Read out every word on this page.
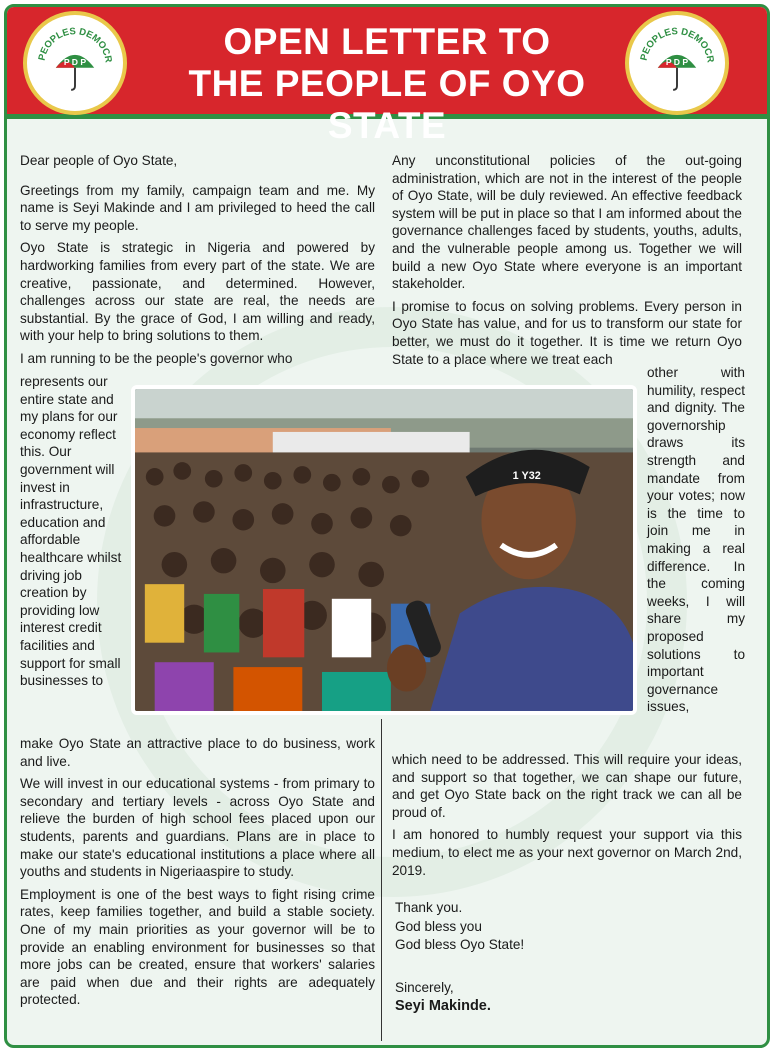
PEOPLES DEMOCR
P D P	OPEN LETTER TO
THE PEOPLE OF OYO STATE
PEOPLES DEMOCR
P D P

Dear people of Oyo State,

Greetings from my family, campaign team and me. My name is Seyi Makinde and I am privileged to heed the call to serve my people.

Oyo State is strategic in Nigeria and powered by hardworking families from every part of the state. We are creative, passionate, and determined. However, challenges across our state are real, the needs are substantial. By the grace of God, I am willing and ready, with your help to bring solutions to them.

I am running to be the people's governor who

represents our entire state and my plans for our economy reflect this. Our government will invest in infrastructure, education and affordable healthcare whilst driving job creation by providing low interest credit facilities and support for small businesses to

make Oyo State an attractive place to do business, work and live.

We will invest in our educational systems - from primary to secondary and tertiary levels - across Oyo State and relieve the burden of high school fees placed upon our students, parents and guardians. Plans are in place to make our state's educational institutions a place where all youths and students in Nigeriaaspire to study.

Employment is one of the best ways to fight rising crime rates, keep families together, and build a stable society. One of my main priorities as your governor will be to provide an enabling environment for businesses so that more jobs can be created, ensure that workers' salaries are paid when due and their rights are adequately protected.

Any unconstitutional policies of the out-going administration, which are not in the interest of the people of Oyo State, will be duly reviewed. An effective feedback system will be put in place so that I am informed about the governance challenges faced by students, youths, adults, and the vulnerable people among us. Together we will build a new Oyo State where everyone is an important stakeholder.

I promise to focus on solving problems. Every person in Oyo State has value, and for us to transform our state for better, we must do it together. It is time we return Oyo State to a place where we treat each

other with humility, respect and dignity. The governorship draws its strength and mandate from your votes; now is the time to join me in making a real difference. In the coming weeks, I will share my proposed solutions to important governance issues,

which need to be addressed. This will require your ideas, and support so that together, we can shape our future, and get Oyo State back on the right track we can all be proud of.

I am honored to humbly request your support via this medium, to elect me as your next governor on March 2nd, 2019.

Thank you.
God bless you
God bless Oyo State!
Sincerely,
Seyi Makinde.
1 Y32
